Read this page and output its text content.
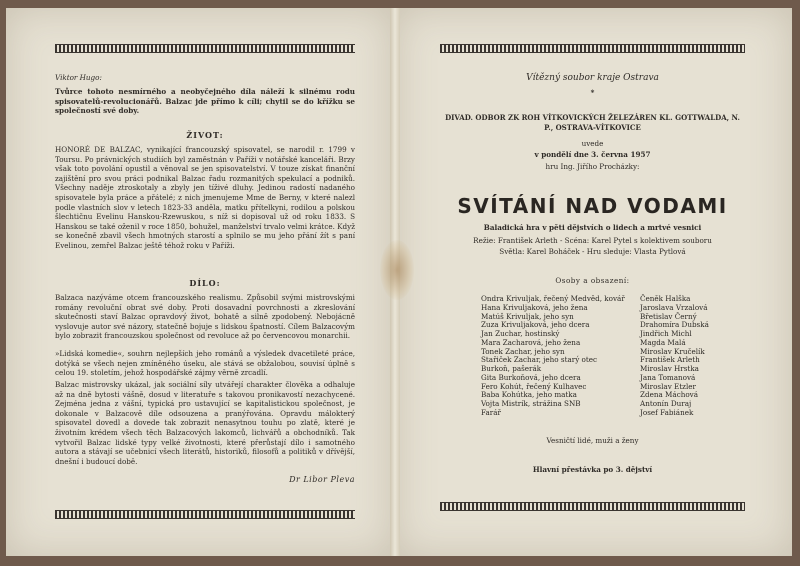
Viktor Hugo:
Tvůrce tohoto nesmírného a neobyčejného díla náleží k silnému rodu spisovatelů-revolucionářů. Balzac jde přímo k cíli; chytil se do křížku se společností své doby.
ŽIVOT:
HONORÉ DE BALZAC, vynikající francouzský spisovatel, se narodil r. 1799 v Toursu. Po právnických studiích byl zaměstnán v Paříži v notářské kanceláři. Brzy však toto povolání opustil a věnoval se jen spisovatelství. V touze získat finanční zajištění pro svou práci podnikal Balzac řadu rozmanitých spekulací a podniků. Všechny naděje ztroskotaly a zbyly jen tíživé dluhy. Jedinou radostí nadaného spisovatele byla práce a přátelé; z nich jmenujeme Mme de Berny, v které nalezl podle vlastních slov v letech 1823-33 anděla, matku přítelkyni, rodilou a polskou šlechtičnu Evelinu Hanskou-Rzewuskou, s níž si dopisoval už od roku 1833. S Hanskou se také oženil v roce 1850, bohužel, manželství trvalo velmi krátce. Když se konečně zbavil všech hmotných starostí a splnilo se mu jeho přání žít s paní Evelinou, zemřel Balzac ještě téhož roku v Paříži.
DÍLO:
Balzaca nazýváme otcem francouzského realismu. Způsobil svými mistrovskými romány revoluční obrat své doby. Proti dosavadní povrchnosti a zkreslování skutečnosti staví Balzac opravdový život, bohatě a silně zpodobený. Nebojácně vyslovuje autor své názory, statečně bojuje s lidskou špatností. Cílem Balzacovým bylo zobrazit francouzskou společnost od revoluce až po červencovou monarchii.
»Lidská komedie«, souhrn nejlepších jeho románů a výsledek dvacetileté práce, dotýká se všech nejen zmíněného úseku, ale stává se obžalobou, souvisí úplně s celou 19. stoletím, jehož hospodářské zájmy věrně zrcadlí.
Balzac mistrovsky ukázal, jak sociální síly utvářejí charakter člověka a odhaluje až na dně bytosti vášně, dosud v literatuře s takovou pronikavostí nezachycené. Zejména jedna z vášní, typická pro ustavující se kapitalistickou společnost, je dokonale v Balzacově díle odsouzena a pranýřována. Opravdu málokterý spisovatel dovedl a dovede tak zobrazit nenasytnou touhu po zlatě, které je životním krédem všech těch Balzacových lakomců, lichvářů a obchodníků. Tak vytvořil Balzac lidské typy velké životnosti, které přerůstají dílo i samotného autora a stávají se učebnicí všech literátů, historiků, filosofů a politiků v dřívější, dnešní i budoucí době.
Dr Libor Pleva
Vítězný soubor kraje Ostrava
*
DIVAD. ODBOR ZK ROH VÍTKOVICKÝCH ŽELEZÁREN KL. GOTTWALDA, N. P., OSTRAVA-VÍTKOVICE
uvede
v pondělí dne 3. června 1957
hru Ing. Jiřího Procházky:
SVÍTÁNÍ NAD VODAMI
Baladická hra v pěti dějstvích o lidech a mrtvé vesnici
Režie: František Arleth - Scéna: Karel Pytel s kolektivem souboru
Světla: Karel Boháček - Hru sleduje: Vlasta Pytlová
Osoby a obsazení:
Ondra Krivuljak, řečený Medvěd, kovář
Hana Krivuljaková, jeho žena
Matúš Krivuljak, jeho syn
Zuza Krivuljaková, jeho dcera
Jan Zuchar, hostinský
Mara Zacharová, jeho žena
Tonek Zachar, jeho syn
Stařiček Zachar, jeho starý otec
Burkoň, pašerák
Gita Burkoňová, jeho dcera
Fero Kohút, řečený Kulhavec
Baba Kohútka, jeho matka
Vojta Mistrík, strážina SNB
Farář
Čeněk Halška
Jaroslava Vrzalová
Břetislav Černý
Drahomíra Dubská
Jindřich Michl
Magda Malá
Miroslav Kručelík
František Arleth
Miroslav Hrstka
Jana Tomanová
Miroslav Etzler
Zdena Máchová
Antonín Duraj
Josef Fabiánek
Vesničtí lidé, muži a ženy
Hlavní přestávka po 3. dějství
